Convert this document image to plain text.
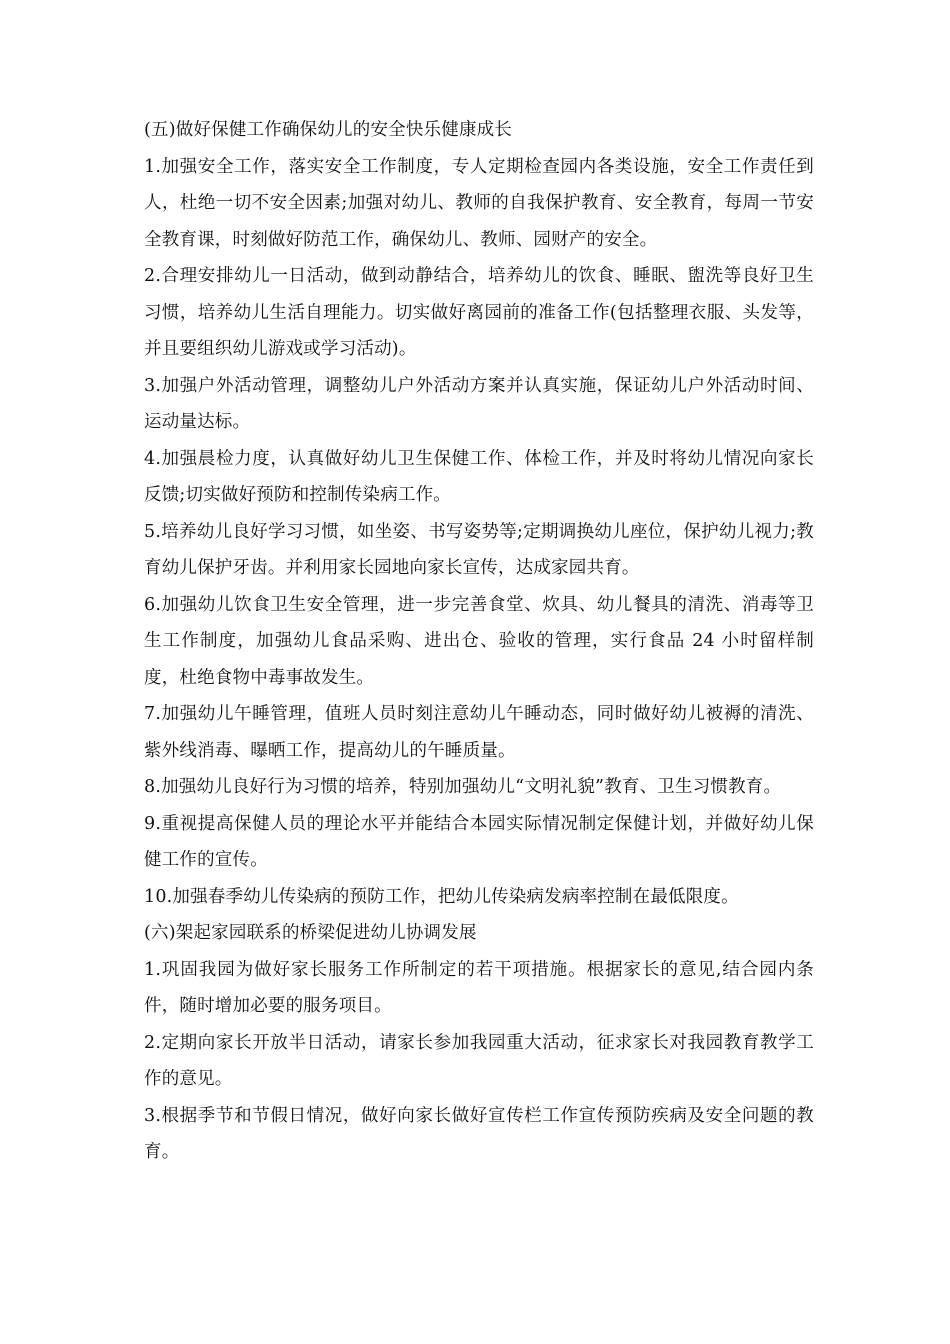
(五)做好保健工作确保幼儿的安全快乐健康成长

1.加强安全工作，落实安全工作制度，专人定期检查园内各类设施，安全工作责任到人，杜绝一切不安全因素;加强对幼儿、教师的自我保护教育、安全教育，每周一节安全教育课，时刻做好防范工作，确保幼儿、教师、园财产的安全。

2.合理安排幼儿一日活动，做到动静结合，培养幼儿的饮食、睡眠、盥洗等良好卫生习惯，培养幼儿生活自理能力。切实做好离园前的准备工作(包括整理衣服、头发等，并且要组织幼儿游戏或学习活动)。

3.加强户外活动管理，调整幼儿户外活动方案并认真实施，保证幼儿户外活动时间、运动量达标。

4.加强晨检力度，认真做好幼儿卫生保健工作、体检工作，并及时将幼儿情况向家长反馈;切实做好预防和控制传染病工作。

5.培养幼儿良好学习习惯，如坐姿、书写姿势等;定期调换幼儿座位，保护幼儿视力;教育幼儿保护牙齿。并利用家长园地向家长宣传，达成家园共育。

6.加强幼儿饮食卫生安全管理，进一步完善食堂、炊具、幼儿餐具的清洗、消毒等卫生工作制度，加强幼儿食品采购、进出仓、验收的管理，实行食品 24 小时留样制度，杜绝食物中毒事故发生。

7.加强幼儿午睡管理，值班人员时刻注意幼儿午睡动态，同时做好幼儿被褥的清洗、紫外线消毒、曝晒工作，提高幼儿的午睡质量。

8.加强幼儿良好行为习惯的培养，特别加强幼儿“文明礼貌”教育、卫生习惯教育。

9.重视提高保健人员的理论水平并能结合本园实际情况制定保健计划，并做好幼儿保健工作的宣传。

10.加强春季幼儿传染病的预防工作，把幼儿传染病发病率控制在最低限度。

(六)架起家园联系的桥梁促进幼儿协调发展

1.巩固我园为做好家长服务工作所制定的若干项措施。根据家长的意见,结合园内条件，随时增加必要的服务项目。

2.定期向家长开放半日活动，请家长参加我园重大活动，征求家长对我园教育教学工作的意见。

3.根据季节和节假日情况，做好向家长做好宣传栏工作宣传预防疾病及安全问题的教育。
